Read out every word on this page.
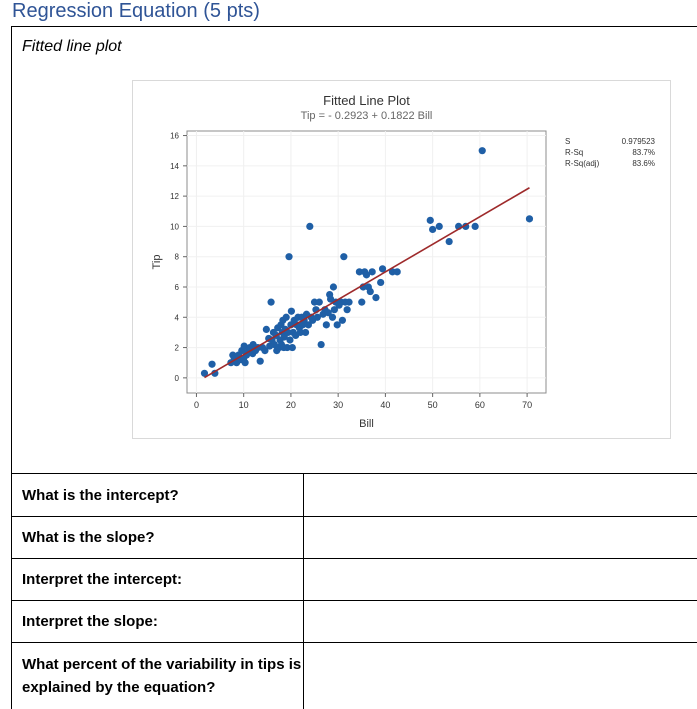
Regression Equation (5 pts)
Fitted line plot
Fitted Line Plot
Tip = - 0.2923 + 0.1822 Bill
0	10	20	30	40	50	60	70
0
2
4
6
8
10
12
14
16
Bill
Tip
S	0.979523
R-Sq	83.7%
R-Sq(adj)	83.6%
What is the intercept?	
What is the slope?	
Interpret the intercept:	
Interpret the slope:	
What percent of the variability in tips is explained by the equation?	
